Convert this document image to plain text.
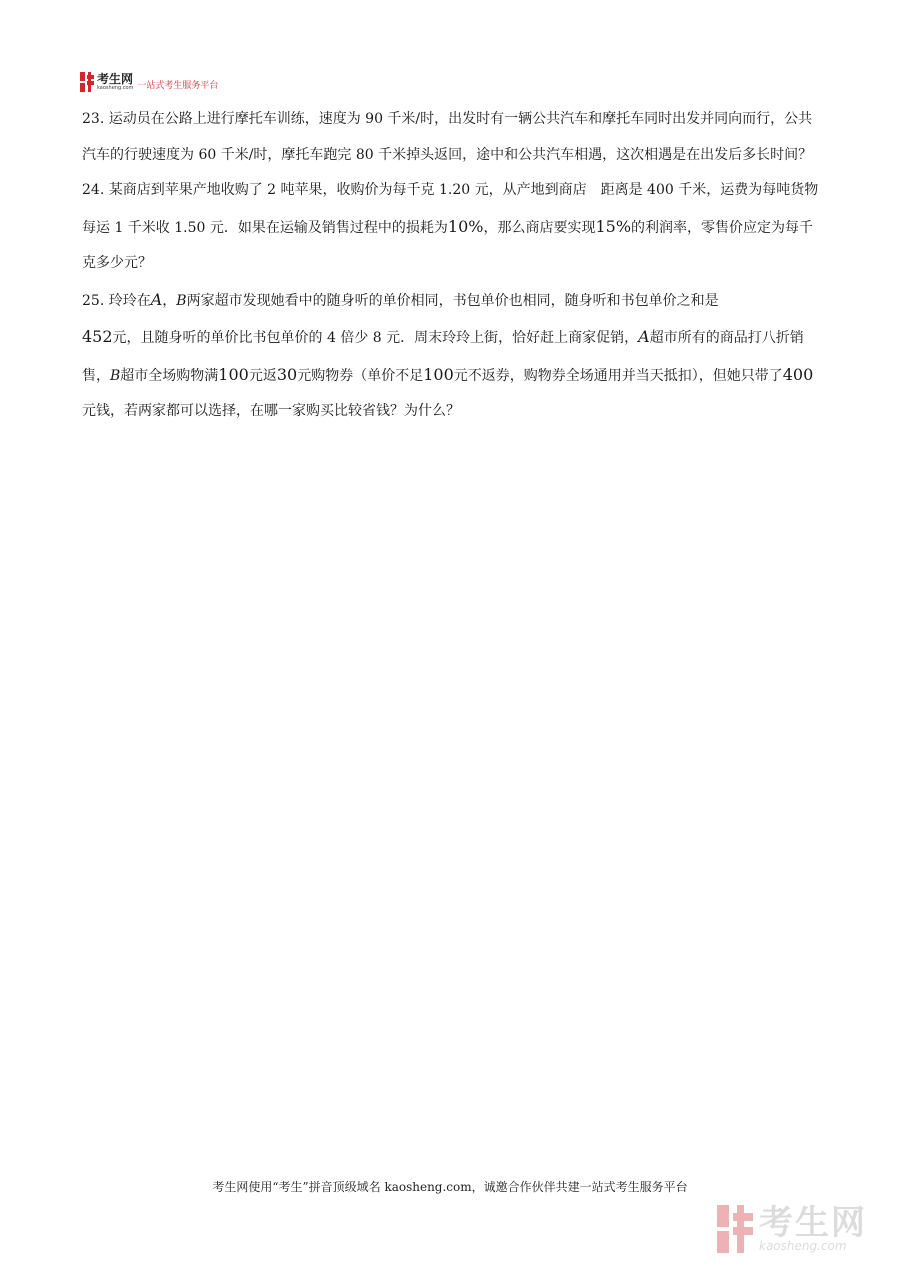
考生网
kaosheng.com 一站式考生服务平台

23. 运动员在公路上进行摩托车训练，速度为 90 千米/时，出发时有一辆公共汽车和摩托车同时出发并同向而行，公共汽车的行驶速度为 60 千米/时，摩托车跑完 80 千米掉头返回，途中和公共汽车相遇，这次相遇是在出发后多长时间？

24. 某商店到苹果产地收购了 2 吨苹果，收购价为每千克 1.20 元，从产地到商店　距离是 400 千米，运费为每吨货物每运 1 千米收 1.50 元．如果在运输及销售过程中的损耗为10%，那么商店要实现15%的利润率，零售价应定为每千克多少元？

25. 玲玲在A，B两家超市发现她看中的随身听的单价相同，书包单价也相同，随身听和书包单价之和是
452元，且随身听的单价比书包单价的 4 倍少 8 元．周末玲玲上街，恰好赶上商家促销，A超市所有的商品打八折销售，B超市全场购物满100元返30元购物券（单价不足100元不返券，购物券全场通用并当天抵扣），但她只带了400元钱，若两家都可以选择，在哪一家购买比较省钱？为什么？

考生网使用“考生”拼音顶级域名 kaosheng.com，诚邀合作伙伴共建一站式考生服务平台
考生网
kaosheng.com
